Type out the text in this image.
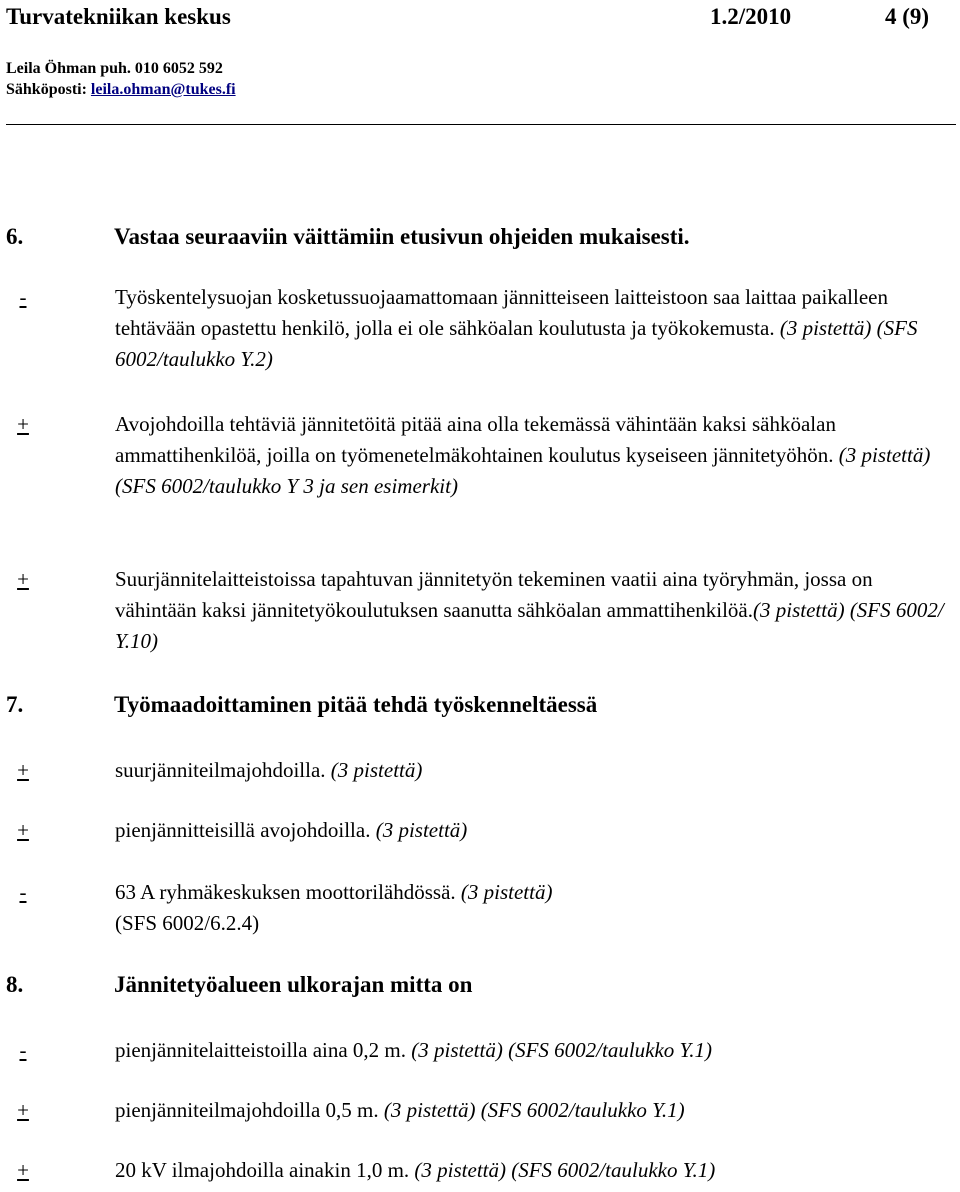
Turvatekniikan keskus	1.2/2010	4 (9)
Leila Öhman puh. 010 6052 592
Sähköposti: leila.ohman@tukes.fi
6.	Vastaa seuraaviin väittämiin etusivun ohjeiden mukaisesti.
-	Työskentelysuojan kosketussuojaamattomaan jännitteiseen laitteistoon saa laittaa paikalleen tehtävään opastettu henkilö, jolla ei ole sähköalan koulutusta ja työkokemusta. (3 pistettä) (SFS 6002/taulukko Y.2)
+	Avojohdoilla tehtäviä jännitetöitä pitää aina olla tekemässä vähintään kaksi sähköalan ammattihenkilöä, joilla on työmenetelmäkohtainen koulutus kyseiseen jännitetyöhön. (3 pistettä) (SFS 6002/taulukko Y 3 ja sen esimerkit)
+	Suurjännitelaitteistoissa tapahtuvan jännitetyön tekeminen vaatii aina työryhmän, jossa on vähintään kaksi jännitetyökoulutuksen saanutta sähköalan ammattihenkilöä.(3 pistettä) (SFS 6002/ Y.10)
7.	Työmaadoittaminen pitää tehdä työskenneltäessä
+	suurjänniteilmajohdoilla. (3 pistettä)
+	pienjännitteisillä avojohdoilla. (3 pistettä)
-	63 A ryhmäkeskuksen moottorilähdössä. (3 pistettä)
(SFS 6002/6.2.4)
8.	Jännitetyöalueen ulkorajan mitta on
-	pienjännitelaitteistoilla aina 0,2 m. (3 pistettä) (SFS 6002/taulukko Y.1)
+	pienjänniteilmajohdoilla 0,5 m. (3 pistettä) (SFS 6002/taulukko Y.1)
+	20 kV ilmajohdoilla ainakin 1,0 m. (3 pistettä) (SFS 6002/taulukko Y.1)
